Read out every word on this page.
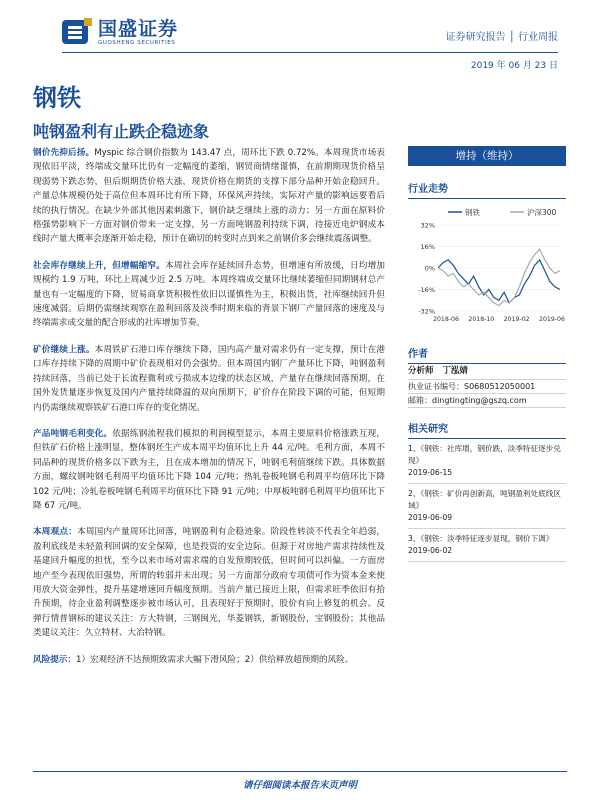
国盛证券
GUOSHENG SECURITIES	证券研究报告 │ 行业周报
2019 年 06 月 23 日
钢铁
吨钢盈利有止跌企稳迹象

钢价先抑后扬。Myspic 综合钢价指数为 143.47 点，周环比下跌 0.72%。本周现货市场表现依旧平淡，终端成交量环比仍有一定幅度的萎缩，钢贸商情绪谨慎，在前期期现货价格呈现弱势下跌态势，但后期期货价格大涨，现货价格在期货的支撑下部分品种开始企稳回升。产量总体规模仍处于高位但本周环比有所下降，环保风声持续，实际对产量的影响远要看后续的执行情况。在缺少外部其他因素刺激下，钢价缺乏继续上涨的动力；另一方面在原料价格强势影响下一方面对钢价带来一定支撑，另一方面吨钢盈利持续下调，待接近电炉钢成本线时产量大概率会逐渐开始走稳，预计在确切的转变时点到来之前钢价多会继续震荡调整。

社会库存继续上升，但增幅缩窄。本周社会库存延续回升态势，但增速有所放缓，日均增加规模约 1.9 万吨，环比上周减少近 2.5 万吨。本周终端成交量环比继续萎缩但同期钢材总产量也有一定幅度的下降，贸易商拿货积极性依旧以谨慎性为主，积极出货，社库继续回升但速度减弱。后期仍需继续观察在盈利回落及淡季时期来临的背景下钢厂产量回落的速度及与终端需求成交量的配合形成的社库增加节奏。

矿价继续上涨。本周铁矿石港口库存继续下降，国内高产量对需求仍有一定支撑，预计在港口库存持续下降的周期中矿价表现相对仍会强势。但本周国内钢厂产量环比下降，吨钢盈利持续回落，当前已处于长流程微利或亏损成本边缘的状态区域，产量存在继续回落预期，在国外发货量逐步恢复及国内产量持续降温的双向预期下，矿价存在阶段下调的可能，但短期内仍需继续观察铁矿石港口库存的变化情况。

产品吨钢毛利变化。依据练钢流程我们模拟的利润模型显示，本周主要原料价格涨跌互现，但铁矿石价格上涨明显，整体钢坯生产成本周平均值环比上升 44 元/吨。毛利方面，本周不同品种的现货价格多以下跌为主，且在成本增加的情况下，吨钢毛利值继续下跌。具体数据方面，螺纹钢吨钢毛利周平均值环比下降 104 元/吨；热轧卷板吨钢毛利周平均值环比下降 102 元/吨；冷轧卷板吨钢毛利周平均值环比下降 91 元/吨；中厚板吨钢毛利周平均值环比下降 67 元/吨。

本周观点：本周国内产量周环比回落，吨钢盈利有企稳迹象。阶段性转淡不代表全年趋弱，盈利底线是未轻盈利回调的安全保障，也是投资的安全边际。但源于对房地产需求持续性及基建回升幅度的担忧，至今以来市场对需求端的自发预期较低，但时间可以纠偏。一方面房地产至今表现依旧强势，所谓的转弱并未出现；另一方面部分政府专项债可作为资本金来使用放大资金弹性，提升基建增速回升幅度预期。当前产量已接近上限，但需求旺季依旧有拾升预期，待企业盈利调整逐步被市场认可，且表现好于预期时，股价有向上修复的机会。反弹行情普钢标的建议关注：方大特钢，三钢闽光，华菱钢铁，新钢股份，宝钢股份；其他品类建议关注：久立特材、大冶特钢。

风险提示：1）宏观经济不达预期致需求大幅下滑风险；2）供给释放超预期的风险。

增持（维持）
行业走势
钢铁	沪深300
32%
16%
0%
-16%
-32%
2018-06 2018-10 2019-02 2019-06
作者
分析师 丁泓婧
执业证书编号：S0680512050001
邮箱：dingtingting@gszq.com
相关研究
1、《钢铁：社库增，钢价跌，淡季特征逐步兑现》
2019-06-15
2、《钢铁：矿价再创新高，吨钢盈利处底线区域》
2019-06-09
3、《钢铁：淡季特征逐步显现，钢价下调》
2019-06-02
请仔细阅读本报告末页声明
